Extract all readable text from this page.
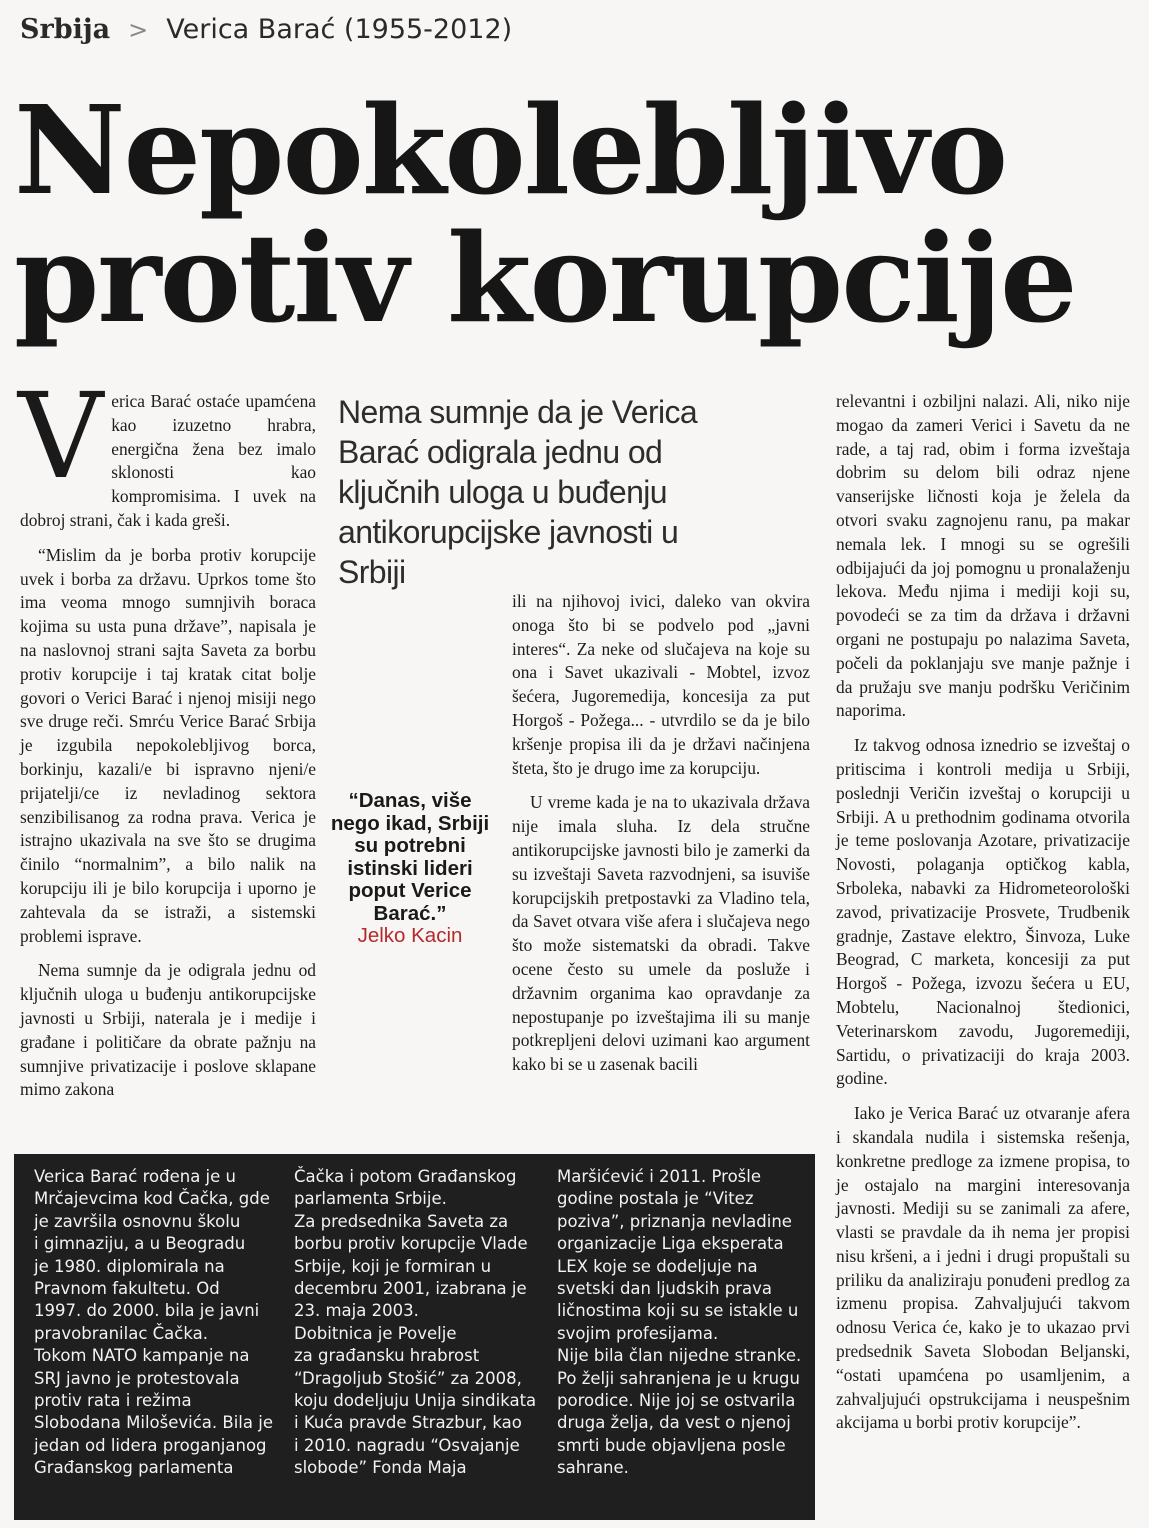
Srbija > Verica Barać (1955-2012)
Nepokolebljivo
protiv korupcije

Verica Barać ostaće upamćena kao izuzetno hrabra, energična žena bez imalo sklonosti kao kompromisima. I uvek na dobroj strani, čak i kada greši.

“Mislim da je borba protiv korupcije uvek i borba za državu. Uprkos tome što ima veoma mnogo sumnjivih boraca kojima su usta puna države”, napisala je na naslovnoj strani sajta Saveta za borbu protiv korupcije i taj kratak citat bolje govori o Verici Barać i njenoj misiji nego sve druge reči. Smrću Verice Barać Srbija je izgubila nepokolebljivog borca, borkinju, kazali/e bi ispravno njeni/e prijatelji/ce iz nevladinog sektora senzibilisanog za rodna prava. Verica je istrajno ukazivala na sve što se drugima činilo “normalnim”, a bilo nalik na korupciju ili je bilo korupcija i uporno je zahtevala da se istraži, a sistemski problemi isprave.

Nema sumnje da je odigrala jednu od ključnih uloga u buđenju antikorupcijske javnosti u Srbiji, naterala je i medije i građane i političare da obrate pažnju na sumnjive privatizacije i poslove sklapane mimo zakona

Nema sumnje da je Verica Barać odigrala jednu od ključnih uloga u buđenju antikorupcijske javnosti u Srbiji
“Danas, više nego ikad, Srbiji su potrebni istinski lideri poput Verice Barać.”
Jelko Kacin

ili na njihovoj ivici, daleko van okvira onoga što bi se podvelo pod „javni interes“. Za neke od slučajeva na koje su ona i Savet ukazivali - Mobtel, izvoz šećera, Jugoremedija, koncesija za put Horgoš - Požega... - utvrdilo se da je bilo kršenje propisa ili da je državi načinjena šteta, što je drugo ime za korupciju.

U vreme kada je na to ukazivala država nije imala sluha. Iz dela stručne antikorupcijske javnosti bilo je zamerki da su izveštaji Saveta razvodnjeni, sa isuviše korupcijskih pretpostavki za Vladino tela, da Savet otvara više afera i slučajeva nego što može sistematski da obradi. Takve ocene često su umele da posluže i državnim organima kao opravdanje za nepostupanje po izveštajima ili su manje potkrepljeni delovi uzimani kao argument kako bi se u zasenak bacili

relevantni i ozbiljni nalazi. Ali, niko nije mogao da zameri Verici i Savetu da ne rade, a taj rad, obim i forma izveštaja dobrim su delom bili odraz njene vanserijske ličnosti koja je želela da otvori svaku zagnojenu ranu, pa makar nemala lek. I mnogi su se ogrešili odbijajući da joj pomognu u pronalaženju lekova. Među njima i mediji koji su, povodeći se za tim da država i državni organi ne postupaju po nalazima Saveta, počeli da poklanjaju sve manje pažnje i da pružaju sve manju podršku Veričinim naporima.

Iz takvog odnosa iznedrio se izveštaj o pritiscima i kontroli medija u Srbiji, poslednji Veričin izveštaj o korupciji u Srbiji. A u prethodnim godinama otvorila je teme poslovanja Azotare, privatizacije Novosti, polaganja optičkog kabla, Srboleka, nabavki za Hidrometeorološki zavod, privatizacije Prosvete, Trudbenik gradnje, Zastave elektro, Šinvoza, Luke Beograd, C marketa, koncesiji za put Horgoš - Požega, izvozu šećera u EU, Mobtelu, Nacionalnoj štedionici, Veterinarskom zavodu, Jugoremediji, Sartidu, o privatizaciji do kraja 2003. godine.

Iako je Verica Barać uz otvaranje afera i skandala nudila i sistemska rešenja, konkretne predloge za izmene propisa, to je ostajalo na margini interesovanja javnosti. Mediji su se zanimali za afere, vlasti se pravdale da ih nema jer propisi nisu kršeni, a i jedni i drugi propuštali su priliku da analiziraju ponuđeni predlog za izmenu propisa. Zahvaljujući takvom odnosu Verica će, kako je to ukazao prvi predsednik Saveta Slobodan Beljanski, “ostati upamćena po usamljenim, a zahvaljujući opstrukcijama i neuspešnim akcijama u borbi protiv korupcije”.

Verica Barać rođena je u
Mrčajevcima kod Čačka, gde
je završila osnovnu školu
i gimnaziju, a u Beogradu
je 1980. diplomirala na
Pravnom fakultetu. Od
1997. do 2000. bila je javni
pravobranilac Čačka.
Tokom NATO kampanje na
SRJ javno je protestovala
protiv rata i režima
Slobodana Miloševića. Bila je
jedan od lidera proganjanog
Građanskog parlamenta
Čačka i potom Građanskog
parlamenta Srbije.
Za predsednika Saveta za
borbu protiv korupcije Vlade
Srbije, koji je formiran u
decembru 2001, izabrana je
23. maja 2003.
Dobitnica je Povelje
za građansku hrabrost
“Dragoljub Stošić” za 2008,
koju dodeljuju Unija sindikata
i Kuća pravde Strazbur, kao
i 2010. nagradu “Osvajanje
slobode” Fonda Maja
Maršićević i 2011. Prošle
godine postala je “Vitez
poziva”, priznanja nevladine
organizacije Liga eksperata
LEX koje se dodeljuje na
svetski dan ljudskih prava
ličnostima koji su se istakle u
svojim profesijama.
Nije bila član nijedne stranke.
Po želji sahranjena je u krugu
porodice. Nije joj se ostvarila
druga želja, da vest o njenoj
smrti bude objavljena posle
sahrane.
